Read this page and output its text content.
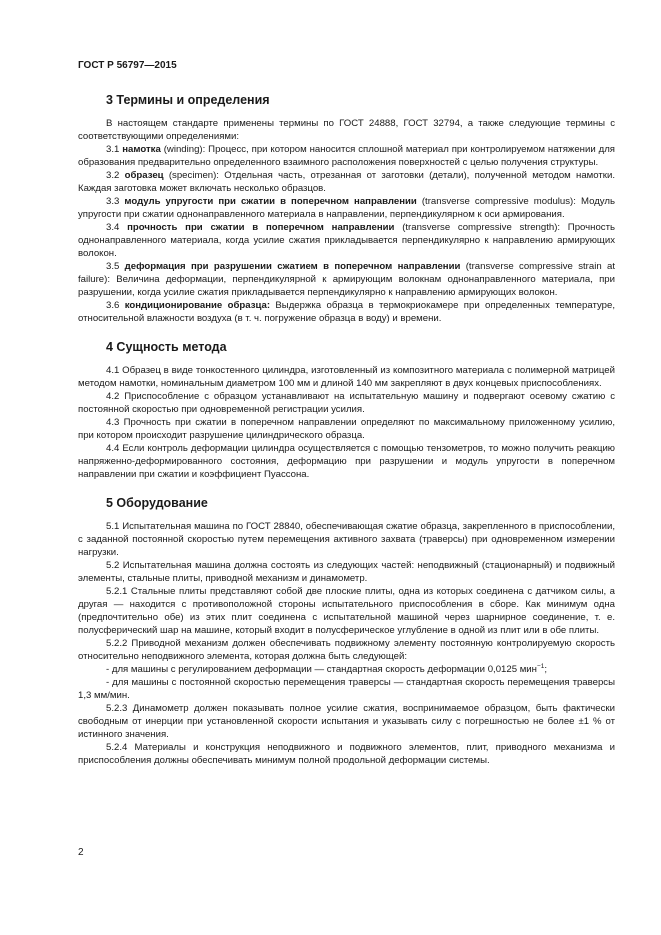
ГОСТ Р 56797—2015
3 Термины и определения

В настоящем стандарте применены термины по ГОСТ 24888, ГОСТ 32794, а также следующие термины с соответствующими определениями:

3.1 намотка (winding): Процесс, при котором наносится сплошной материал при контролируемом натяжении для образования предварительно определенного взаимного расположения поверхностей с целью получения структуры.

3.2 образец (specimen): Отдельная часть, отрезанная от заготовки (детали), полученной методом намотки. Каждая заготовка может включать несколько образцов.

3.3 модуль упругости при сжатии в поперечном направлении (transverse compressive modulus): Модуль упругости при сжатии однонаправленного материала в направлении, перпендикулярном к оси армирования.

3.4 прочность при сжатии в поперечном направлении (transverse compressive strength): Прочность однонаправленного материала, когда усилие сжатия прикладывается перпендикулярно к направлению армирующих волокон.

3.5 деформация при разрушении сжатием в поперечном направлении (transverse compressive strain at failure): Величина деформации, перпендикулярной к армирующим волокнам однонаправленного материала, при разрушении, когда усилие сжатия прикладывается перпендикулярно к направлению армирующих волокон.

3.6 кондиционирование образца: Выдержка образца в термокриокамере при определенных температуре, относительной влажности воздуха (в т. ч. погружение образца в воду) и времени.

4 Сущность метода

4.1 Образец в виде тонкостенного цилиндра, изготовленный из композитного материала с полимерной матрицей методом намотки, номинальным диаметром 100 мм и длиной 140 мм закрепляют в двух концевых приспособлениях.

4.2 Приспособление с образцом устанавливают на испытательную машину и подвергают осевому сжатию с постоянной скоростью при одновременной регистрации усилия.

4.3 Прочность при сжатии в поперечном направлении определяют по максимальному приложенному усилию, при котором происходит разрушение цилиндрического образца.

4.4 Если контроль деформации цилиндра осуществляется с помощью тензометров, то можно получить реакцию напряженно-деформированного состояния, деформацию при разрушении и модуль упругости в поперечном направлении при сжатии и коэффициент Пуассона.

5 Оборудование

5.1 Испытательная машина по ГОСТ 28840, обеспечивающая сжатие образца, закрепленного в приспособлении, с заданной постоянной скоростью путем перемещения активного захвата (траверсы) при одновременном измерении нагрузки.

5.2 Испытательная машина должна состоять из следующих частей: неподвижный (стационарный) и подвижный элементы, стальные плиты, приводной механизм и динамометр.

5.2.1 Стальные плиты представляют собой две плоские плиты, одна из которых соединена с датчиком силы, а другая — находится с противоположной стороны испытательного приспособления в сборе. Как минимум одна (предпочтительно обе) из этих плит соединена с испытательной машиной через шарнирное соединение, т. е. полусферический шар на машине, который входит в полусферическое углубление в одной из плит или в обе плиты.

5.2.2 Приводной механизм должен обеспечивать подвижному элементу постоянную контролируемую скорость относительно неподвижного элемента, которая должна быть следующей:

- для машины с регулированием деформации — стандартная скорость деформации 0,0125 мин$^{-1}$;

- для машины с постоянной скоростью перемещения траверсы — стандартная скорость перемещения траверсы 1,3 мм/мин.

5.2.3 Динамометр должен показывать полное усилие сжатия, воспринимаемое образцом, быть фактически свободным от инерции при установленной скорости испытания и указывать силу с погрешностью не более ±1 % от истинного значения.

5.2.4 Материалы и конструкция неподвижного и подвижного элементов, плит, приводного механизма и приспособления должны обеспечивать минимум полной продольной деформации системы.

2
